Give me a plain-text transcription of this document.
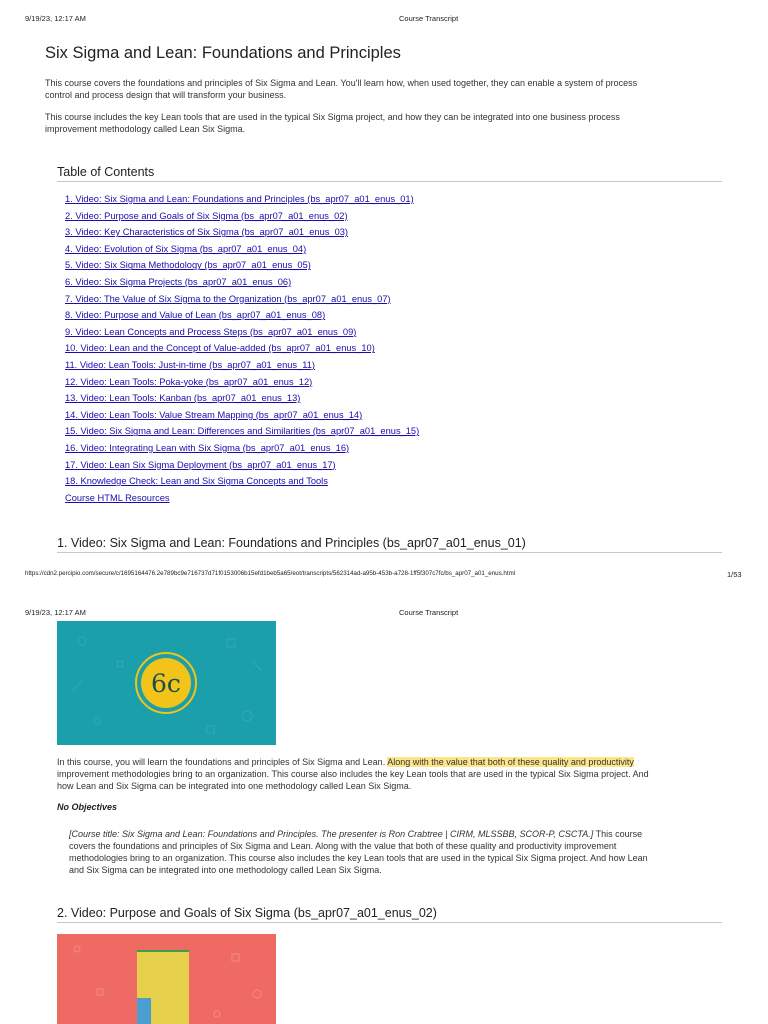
9/19/23, 12:17 AM	Course Transcript
Six Sigma and Lean: Foundations and Principles

This course covers the foundations and principles of Six Sigma and Lean. You'll learn how, when used together, they can enable a system of process control and process design that will transform your business.

This course includes the key Lean tools that are used in the typical Six Sigma project, and how they can be integrated into one business process improvement methodology called Lean Six Sigma.

Table of Contents
1. Video: Six Sigma and Lean: Foundations and Principles (bs_apr07_a01_enus_01)
2. Video: Purpose and Goals of Six Sigma (bs_apr07_a01_enus_02)
3. Video: Key Characteristics of Six Sigma (bs_apr07_a01_enus_03)
4. Video: Evolution of Six Sigma (bs_apr07_a01_enus_04)
5. Video: Six Sigma Methodology (bs_apr07_a01_enus_05)
6. Video: Six Sigma Projects (bs_apr07_a01_enus_06)
7. Video: The Value of Six Sigma to the Organization (bs_apr07_a01_enus_07)
8. Video: Purpose and Value of Lean (bs_apr07_a01_enus_08)
9. Video: Lean Concepts and Process Steps (bs_apr07_a01_enus_09)
10. Video: Lean and the Concept of Value-added (bs_apr07_a01_enus_10)
11. Video: Lean Tools: Just-in-time (bs_apr07_a01_enus_11)
12. Video: Lean Tools: Poka-yoke (bs_apr07_a01_enus_12)
13. Video: Lean Tools: Kanban (bs_apr07_a01_enus_13)
14. Video: Lean Tools: Value Stream Mapping (bs_apr07_a01_enus_14)
15. Video: Six Sigma and Lean: Differences and Similarities (bs_apr07_a01_enus_15)
16. Video: Integrating Lean with Six Sigma (bs_apr07_a01_enus_16)
17. Video: Lean Six Sigma Deployment (bs_apr07_a01_enus_17)
18. Knowledge Check: Lean and Six Sigma Concepts and Tools
Course HTML Resources
1. Video: Six Sigma and Lean: Foundations and Principles (bs_apr07_a01_enus_01)
https://cdn2.percipio.com/secure/c/1695164476.2e789bc9e716737d71f0153006b15efd1beb5a65/eot/transcripts/562314ad-a95b-453b-a728-1ff5f307c7fc/bs_apr07_a01_enus.html	1/53
9/19/23, 12:17 AM	Course Transcript
6c

In this course, you will learn the foundations and principles of Six Sigma and Lean. Along with the value that both of these quality and productivity improvement methodologies bring to an organization. This course also includes the key Lean tools that are used in the typical Six Sigma project. And how Lean and Six Sigma can be integrated into one methodology called Lean Six Sigma.

No Objectives

[Course title: Six Sigma and Lean: Foundations and Principles. The presenter is Ron Crabtree | CIRM, MLSSBB, SCOR-P, CSCTA.] This course covers the foundations and principles of Six Sigma and Lean. Along with the value that both of these quality and productivity improvement methodologies bring to an organization. This course also includes the key Lean tools that are used in the typical Six Sigma project. And how Lean and Six Sigma can be integrated into one methodology called Lean Six Sigma.

2. Video: Purpose and Goals of Six Sigma (bs_apr07_a01_enus_02)
